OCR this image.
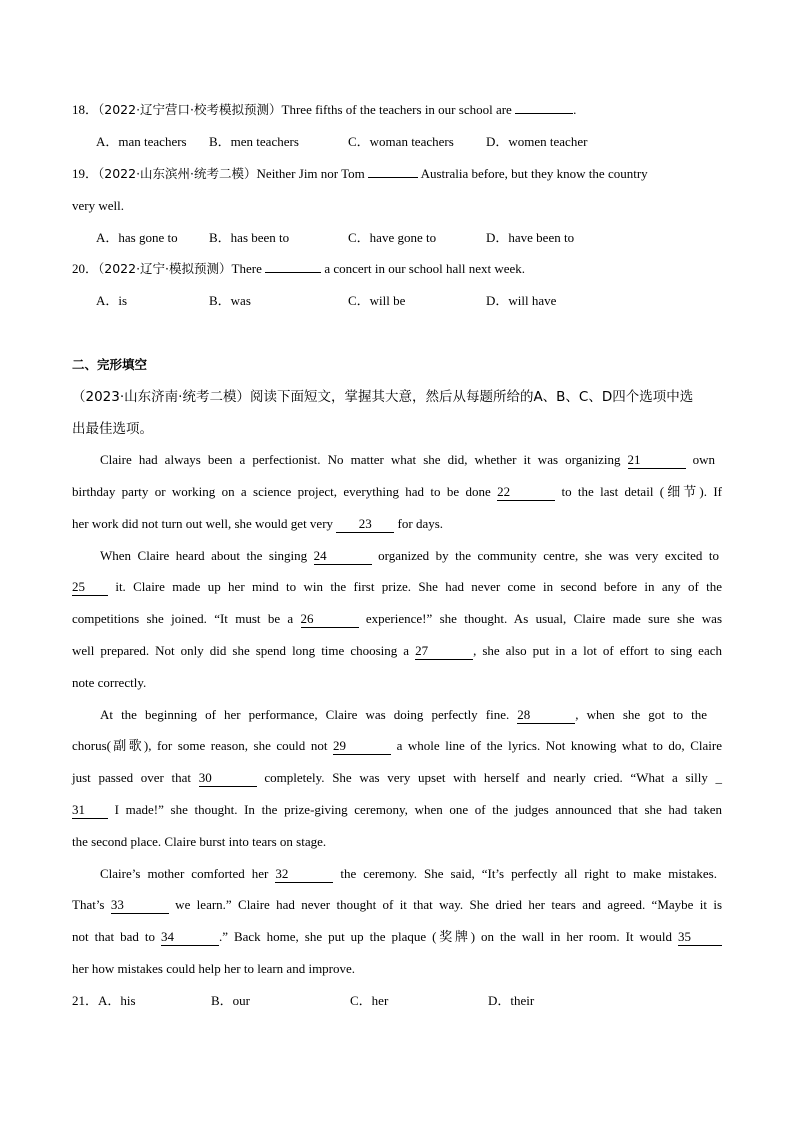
18．（2022·辽宁营口·校考模拟预测）Three fifths of the teachers in our school are	.
A．man teachers	B．men teachers	C．woman teachers	D．women teacher
19．（2022·山东滨州·统考二模）Neither Jim nor Tom	Australia before, but they know the country
very well.
A．has gone to	B．has been to	C．have gone to	D．have been to
20．（2022·辽宁·模拟预测）There	a concert in our school hall next week.
A．is	B．was	C．will be	D．will have
二、完形填空
（2023·山东济南·统考二模）阅读下面短文，掌握其大意，然后从每题所给的A、B、C、D四个选项中选
出最佳选项。
Claire had always been a perfectionist. No matter what she did, whether it was organizing 21	own
birthday party or working on a science project, everything had to be done 22	to the last detail (细节). If
her work did not turn out well, she would get very 23 for days.
When Claire heard about the singing 24	organized by the community centre, she was very excited to
25 it. Claire made up her mind to win the first prize. She had never come in second before in any of the
competitions she joined. “It must be a 26	experience!” she thought. As usual, Claire made sure she was
well prepared. Not only did she spend long time choosing a 27	, she also put in a lot of effort to sing each
note correctly.
At the beginning of her performance, Claire was doing perfectly fine. 28	, when she got to the
chorus(副歌), for some reason, she could not 29	a whole line of the lyrics. Not knowing what to do, Claire
just passed over that 30	completely. She was very upset with herself and nearly cried. “What a silly _
31 I made!” she thought. In the prize-giving ceremony, when one of the judges announced that she had taken
the second place. Claire burst into tears on stage.
Claire’s mother comforted her 32	the ceremony. She said, “It’s perfectly all right to make mistakes.
That’s 33	we learn.” Claire had never thought of it that way. She dried her tears and agreed. “Maybe it is
not that bad to 34	.” Back home, she put up the plaque (奖牌) on the wall in her room. It would 35
her how mistakes could help her to learn and improve.
21．A．his	B．our	C．her	D．their
